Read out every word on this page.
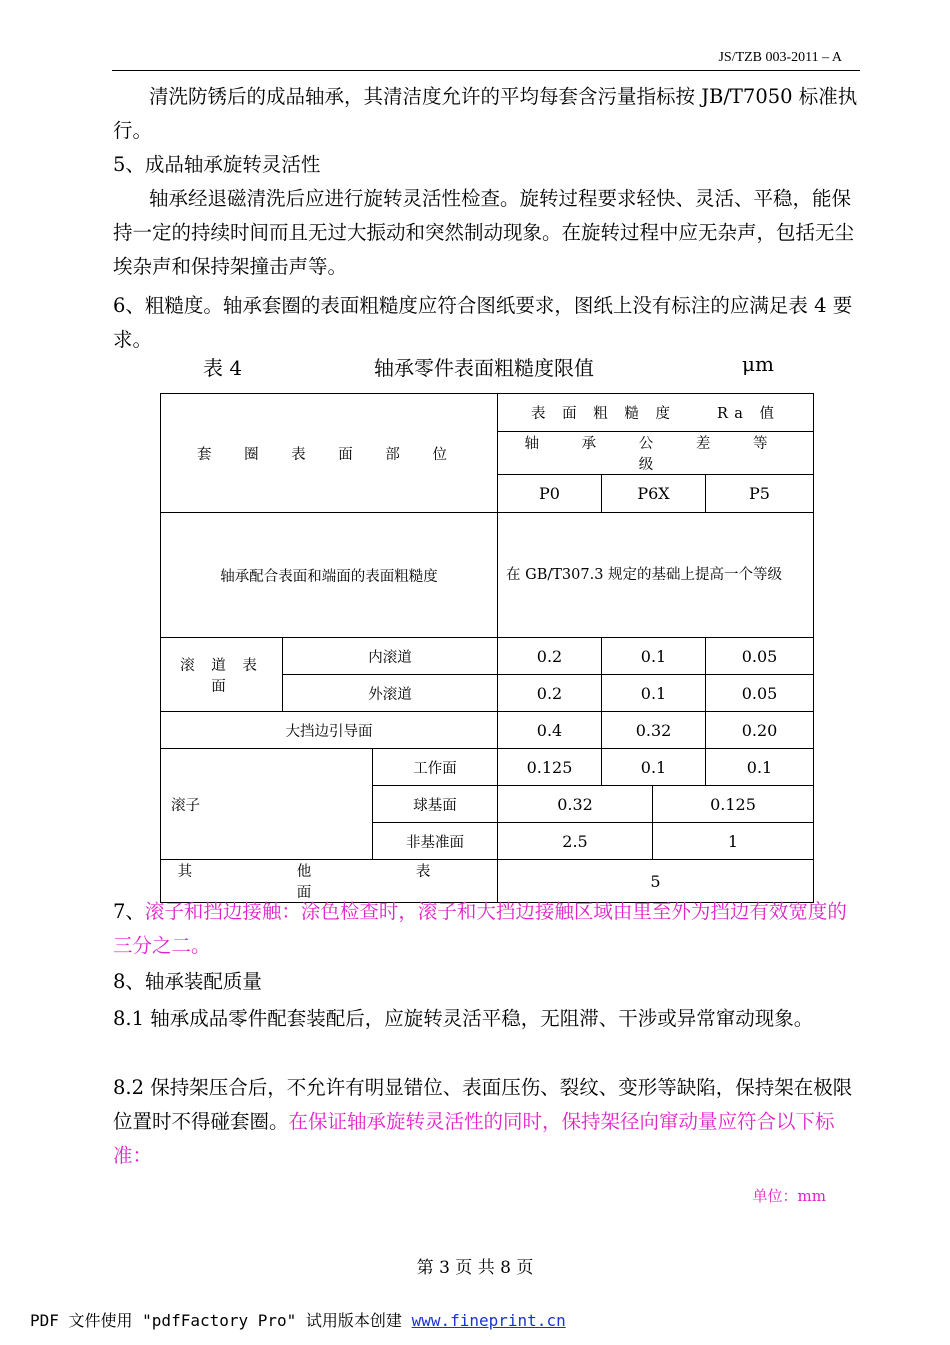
JS/TZB 003-2011 – A
清洗防锈后的成品轴承，其清洁度允许的平均每套含污量指标按 JB/T7050 标准执行。
5、成品轴承旋转灵活性
轴承经退磁清洗后应进行旋转灵活性检查。旋转过程要求轻快、灵活、平稳，能保持一定的持续时间而且无过大振动和突然制动现象。在旋转过程中应无杂声，包括无尘埃杂声和保持架撞击声等。
6、粗糙度。轴承套圈的表面粗糙度应符合图纸要求，图纸上没有标注的应满足表 4 要求。
表 4	轴承零件表面粗糙度限值	μm
套 圈 表 面 部 位			表 面 粗 糙 度　　Ra 值			
			轴 承 公 差 等 级			
			P0	P6X		P5
轴承配合表面和端面的表面粗糙度			在 GB/T307.3 规定的基础上提高一个等级			
滚 道 表 面	内滚道		0.2	0.1		0.05
	外滚道		0.2	0.1		0.05
大挡边引导面			0.4	0.32		0.20
滚子		工作面	0.125	0.1		0.1
		球基面	0.32		0.125	
		非基准面	2.5		1	
其 他 表 面			5			
7、滚子和挡边接触：涂色检查时，滚子和大挡边接触区域由里至外为挡边有效宽度的三分之二。
8、轴承装配质量
8.1 轴承成品零件配套装配后，应旋转灵活平稳，无阻滞、干涉或异常窜动现象。
8.2 保持架压合后，不允许有明显错位、表面压伤、裂纹、变形等缺陷，保持架在极限位置时不得碰套圈。在保证轴承旋转灵活性的同时，保持架径向窜动量应符合以下标准：
单位：mm
第 3 页 共 8 页
PDF 文件使用 "pdfFactory Pro" 试用版本创建 www.fineprint.cn
